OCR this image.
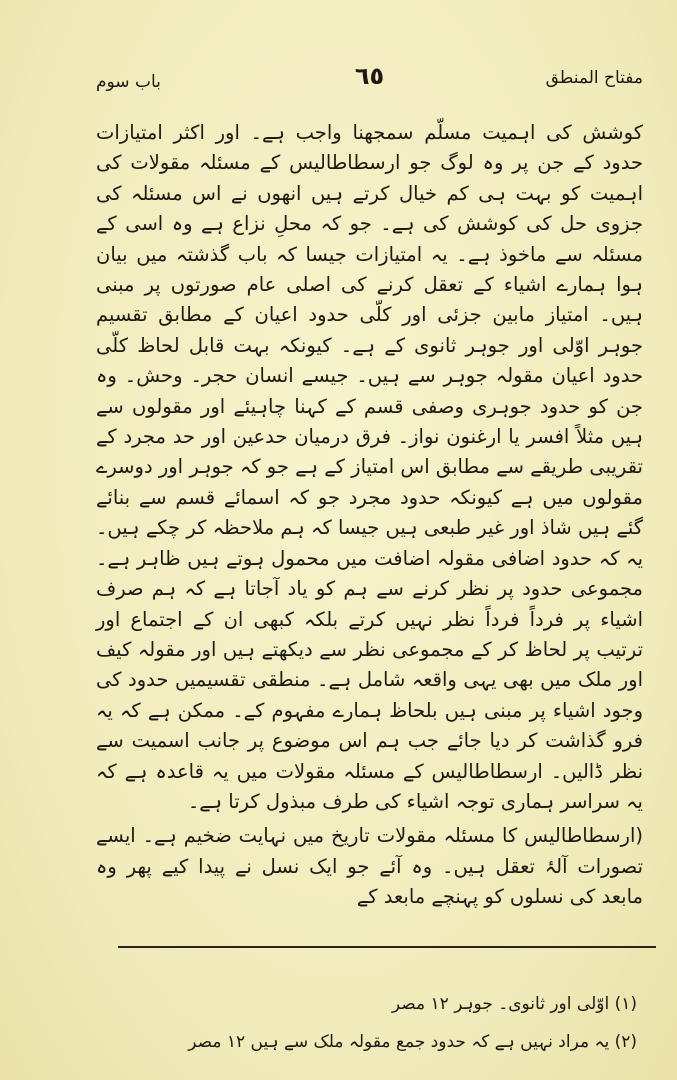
مفتاح المنطق
٦٥
باب سوم

کوشش کی اہمیت مسلّم سمجھنا واجب ہے۔ اور اکثر امتیازات حدود کے جن پر وہ لوگ جو ارسطاطالیس کے مسئلہ مقولات کی اہمیت کو بہت ہی کم خیال کرتے ہیں انھوں نے اس مسئلہ کی جزوی حل کی کوشش کی ہے۔ جو کہ محلِ نزاع ہے وہ اسی کے مسئلہ سے ماخوذ ہے۔ یہ امتیازات جیسا کہ باب گذشتہ میں بیان ہوا ہمارے اشیاء کے تعقل کرنے کی اصلی عام صورتوں پر مبنی ہیں۔ امتیاز مابین جزئی اور کلّی حدود اعیان کے مطابق تقسیم جوہر اوّلی اور جوہر ثانوی کے ہے۔ کیونکہ بہت قابل لحاظ کلّی حدود اعیان مقولہ جوہر سے ہیں۔ جیسے انسان حجر۔ وحش۔ وہ جن کو حدود جوہری وصفی قسم کے کہنا چاہیئے اور مقولوں سے ہیں مثلاً افسر یا ارغنون نواز۔ فرق درمیان حدعین اور حد مجرد کے تقریبی طریقے سے مطابق اس امتیاز کے ہے جو کہ جوہر اور دوسرے مقولوں میں ہے کیونکہ حدود مجرد جو کہ اسمائے قسم سے بنائے گئے ہیں شاذ اور غیر طبعی ہیں جیسا کہ ہم ملاحظہ کر چکے ہیں۔ یہ کہ حدود اضافی مقولہ اضافت میں محمول ہوتے ہیں ظاہر ہے۔ مجموعی حدود پر نظر کرنے سے ہم کو یاد آجاتا ہے کہ ہم صرف اشیاء پر فرداً فرداً نظر نہیں کرتے بلکہ کبھی ان کے اجتماع اور ترتیب پر لحاظ کر کے مجموعی نظر سے دیکھتے ہیں اور مقولہ کیف اور ملک میں بھی یہی واقعہ شامل ہے۔ منطقی تقسیمیں حدود کی وجود اشیاء پر مبنی ہیں بلحاظ ہمارے مفہوم کے۔ ممکن ہے کہ یہ فرو گذاشت کر دیا جائے جب ہم اس موضوع پر جانب اسمیت سے نظر ڈالیں۔ ارسطاطالیس کے مسئلہ مقولات میں یہ قاعدہ ہے کہ یہ سراسر ہماری توجہ اشیاء کی طرف مبذول کرتا ہے۔

(ارسطاطالیس کا مسئلہ مقولات تاریخ میں نہایت ضخیم ہے۔ ایسے تصورات آلۂ تعقل ہیں۔ وہ آئے جو ایک نسل نے پیدا کیے پھر وہ مابعد کی نسلوں کو پہنچے مابعد کے

(۱) اوّلی اور ثانوی۔ جوہر ۱۲ مصر
(۲) یہ مراد نہیں ہے کہ حدود جمع مقولہ ملک سے ہیں ۱۲ مصر
